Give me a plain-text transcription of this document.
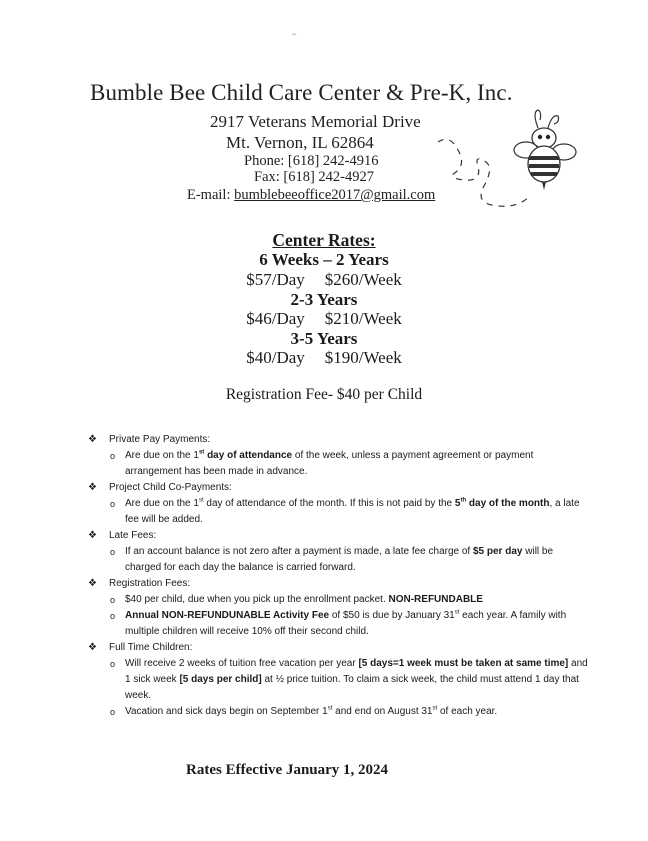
~
Bumble Bee Child Care Center & Pre-K, Inc.
2917 Veterans Memorial Drive
Mt. Vernon, IL 62864
Phone: [618] 242-4916
Fax: [618] 242-4927
E-mail: bumblebeeoffice2017@gmail.com
Center Rates:
6 Weeks – 2 Years
$57/Day $260/Week
2-3 Years
$46/Day $210/Week
3-5 Years
$40/Day $190/Week
Registration Fee- $40 per Child
❖ Private Pay Payments:
o Are due on the 1st day of attendance of the week, unless a payment agreement or payment arrangement has been made in advance.
❖ Project Child Co-Payments:
o Are due on the 1st day of attendance of the month. If this is not paid by the 5th day of the month, a late fee will be added.
❖ Late Fees:
o If an account balance is not zero after a payment is made, a late fee charge of $5 per day will be charged for each day the balance is carried forward.
❖ Registration Fees:
o $40 per child, due when you pick up the enrollment packet. NON-REFUNDABLE
o Annual NON-REFUNDUNABLE Activity Fee of $50 is due by January 31st each year. A family with multiple children will receive 10% off their second child.
❖ Full Time Children:
o Will receive 2 weeks of tuition free vacation per year [5 days=1 week must be taken at same time] and 1 sick week [5 days per child] at ½ price tuition. To claim a sick week, the child must attend 1 day that week.
o Vacation and sick days begin on September 1st and end on August 31st of each year.
Rates Effective January 1, 2024
